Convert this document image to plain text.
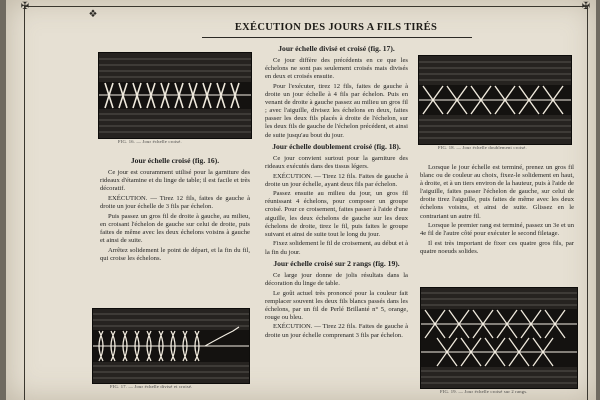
✠	✠
❖
EXÉCUTION DES JOURS A FILS TIRÉS
FIG. 16. — Jour échelle croisé.
FIG. 18. — Jour échelle doublement croisé.
FIG. 17. — Jour échelle divisé et croisé.
FIG. 19. — Jour échelle croisé sur 2 rangs.

Jour échelle croisé (fig. 16).

Ce jour est couramment utilisé pour la garniture des rideaux d'étamine et du linge de table; il est facile et très décoratif.

EXÉCUTION. — Tirez 12 fils, faites de gauche à droite un jour échelle de 3 fils par échelon.

Puis passez un gros fil de droite à gauche, au milieu, en croisant l'échelon de gauche sur celui de droite, puis faites de même avec les deux échelons voisins à gauche et ainsi de suite.

Arrêtez solidement le point de départ, et la fin du fil, qui croise les échelons.

Jour échelle divisé et croisé (fig. 17).

Ce jour diffère des précédents en ce que les échelons ne sont pas seulement croisés mais divisés en deux et croisés ensuite.

Pour l'exécuter, tirez 12 fils, faites de gauche à droite un jour échelle à 4 fils par échelon. Puis en venant de droite à gauche passez au milieu un gros fil ; avec l'aiguille, divisez les échelons en deux, faites passer les deux fils placés à droite de l'échelon, sur les deux fils de gauche de l'échelon précédent, et ainsi de suite jusqu'au bout du jour.

Jour échelle doublement croisé (fig. 18).

Ce jour convient surtout pour la garniture des rideaux exécutés dans des tissus légers.

EXÉCUTION. — Tirez 12 fils. Faites de gauche à droite un jour échelle, ayant deux fils par échelon.

Passez ensuite au milieu du jour, un gros fil réunissant 4 échelons, pour composer un groupe croisé. Pour ce croisement, faites passer à l'aide d'une aiguille, les deux échelons de gauche sur les deux échelons de droite, tirez le fil, puis faites le groupe suivant et ainsi de suite tout le long du jour.

Fixez solidement le fil de croisement, au début et à la fin du jour.

Jour échelle croisé sur 2 rangs (fig. 19).

Ce large jour donne de jolis résultats dans la décoration du linge de table.

Le goût actuel très prononcé pour la couleur fait remplacer souvent les deux fils blancs passés dans les échelons, par un fil de Perlé Brillanté n° 5, orange, rouge ou bleu.

EXÉCUTION. — Tirez 22 fils. Faites de gauche à droite un jour échelle comprenant 3 fils par échelon.

Lorsque le jour échelle est terminé, prenez un gros fil blanc ou de couleur au choix, fixez-le solidement en haut, à droite, et à un tiers environ de la hauteur, puis à l'aide de l'aiguille, faites passer l'échelon de gauche, sur celui de droite tirez l'aiguille, puis faites de même avec les deux échelons voisins, et ainsi de suite. Glissez en le contrariant un autre fil.

Lorsque le premier rang est terminé, passez un 3e et un 4e fil de l'autre côté pour exécuter le second filetage.

Il est très important de fixer ces quatre gros fils, par quatre noeuds solides.
